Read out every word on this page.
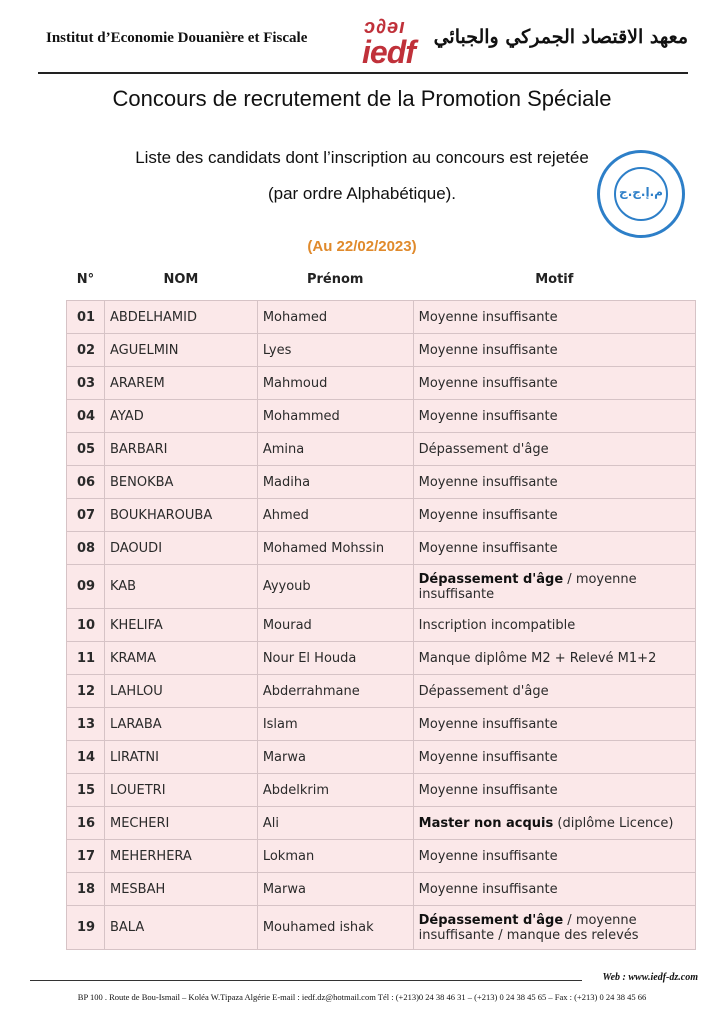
Institut d’Economie Douanière et Fiscale	ɔ∂ǝı
iedf معهد الاقتصاد الجمركي والجبائي
Concours de recrutement de la Promotion Spéciale
Liste des candidats dont l’inscription au concours est rejetée
(par ordre Alphabétique).
(Au 22/02/2023)
م.إ.ج.ج
N°	NOM	Prénom	Motif

01	ABDELHAMID	Mohamed	Moyenne insuffisante
02	AGUELMIN	Lyes	Moyenne insuffisante
03	ARAREM	Mahmoud	Moyenne insuffisante
04	AYAD	Mohammed	Moyenne insuffisante
05	BARBARI	Amina	Dépassement d'âge
06	BENOKBA	Madiha	Moyenne insuffisante
07	BOUKHAROUBA	Ahmed	Moyenne insuffisante
08	DAOUDI	Mohamed Mohssin	Moyenne insuffisante
09	KAB	Ayyoub	Dépassement d'âge / moyenne insuffisante
10	KHELIFA	Mourad	Inscription incompatible
11	KRAMA	Nour El Houda	Manque diplôme M2 + Relevé M1+2
12	LAHLOU	Abderrahmane	Dépassement d'âge
13	LARABA	Islam	Moyenne insuffisante
14	LIRATNI	Marwa	Moyenne insuffisante
15	LOUETRI	Abdelkrim	Moyenne insuffisante
16	MECHERI	Ali	Master non acquis (diplôme Licence)
17	MEHERHERA	Lokman	Moyenne insuffisante
18	MESBAH	Marwa	Moyenne insuffisante
19	BALA	Mouhamed ishak	Dépassement d'âge / moyenne insuffisante / manque des relevés
Web : www.iedf-dz.com
BP 100 . Route de Bou-Ismail – Koléa W.Tipaza Algérie E-mail : iedf.dz@hotmail.com Tél : (+213)0 24 38 46 31 – (+213) 0 24 38 45 65 – Fax : (+213) 0 24 38 45 66
